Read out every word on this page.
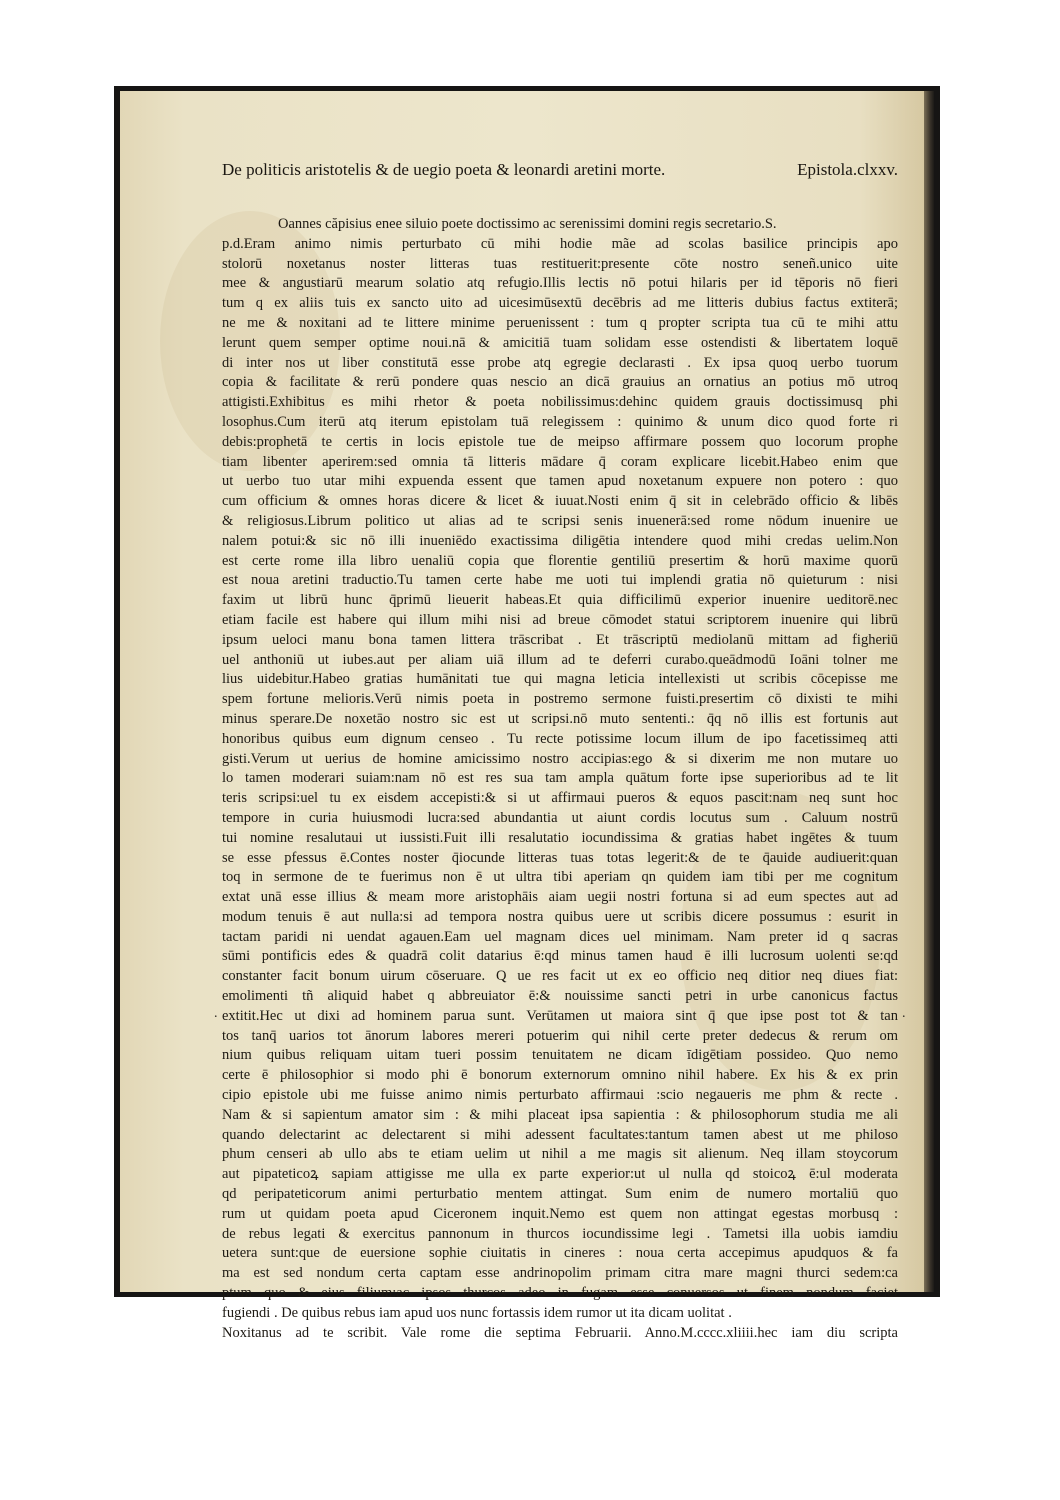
De politicis aristotelis & de uegio poeta & leonardi aretini morte.	Epistola.clxxv.
Oannes căpisius enee siluio poete doctissimo ac serenissimi domini regis secretario.S.
p.d.Eram animo nimis perturbato cū mihi hodie mãe ad scolas basilice principis apo
stolorū noxetanus noster litteras tuas restituerit:presente cōte nostro seneñ.unico uite
mee & angustiarū mearum solatio atq refugio.Illis lectis nō potui hilaris per id tēporis nō fieri
tum q ex aliis tuis ex sancto uito ad uicesimūsextū decēbris ad me litteris dubius factus extiterā;
ne me & noxitani ad te littere minime peruenissent : tum q propter scripta tua cū te mihi attu
lerunt quem semper optime noui.nā & amicitiā tuam solidam esse ostendisti & libertatem loquē
di inter nos ut liber constitutā esse probe atq egregie declarasti . Ex ipsa quoq uerbo tuorum
copia & facilitate & rerū pondere quas nescio an dicā grauius an ornatius an potius mō utroq
attigisti.Exhibitus es mihi rhetor & poeta nobilissimus:dehinc quidem grauis doctissimusq phi
losophus.Cum iterū atq iterum epistolam tuā relegissem : quinimo & unum dico quod forte ri
debis:prophetā te certis in locis epistole tue de meipso affirmare possem quo locorum prophe
tiam libenter aperirem:sed omnia tā litteris mādare q̄ coram explicare licebit.Habeo enim que
ut uerbo tuo utar mihi expuenda essent que tamen apud noxetanum expuere non potero : quo
cum officium & omnes horas dicere & licet & iuuat.Nosti enim q̄ sit in celebrādo officio & libēs
& religiosus.Librum politico ut alias ad te scripsi senis inuenerā:sed rome nōdum inuenire ue
nalem potui:& sic nō illi inueniēdo exactissima diligētia intendere quod mihi credas uelim.Non
est certe rome illa libro uenaliū copia que florentie gentiliū presertim & horū maxime quorū
est noua aretini traductio.Tu tamen certe habe me uoti tui implendi gratia nō quieturum : nisi
faxim ut librū hunc q̄primū lieuerit habeas.Et quia difficilimū experior inuenire ueditorē.nec
etiam facile est habere qui illum mihi nisi ad breue cōmodet statui scriptorem inuenire qui librū
ipsum ueloci manu bona tamen littera trāscribat . Et trāscriptū mediolanū mittam ad figheriū
uel anthoniū ut iubes.aut per aliam uiā illum ad te deferri curabo.queādmodū Ioāni tolner me
lius uidebitur.Habeo gratias humānitati tue qui magna leticia intellexisti ut scribis cōcepisse me
spem fortune melioris.Verū nimis poeta in postremo sermone fuisti.presertim cō dixisti te mihi
minus sperare.De noxetāo nostro sic est ut scripsi.nō muto sententi.: q̄q nō illis est fortunis aut
honoribus quibus eum dignum censeo . Tu recte potissime locum illum de ipo facetissimeq atti
gisti.Verum ut uerius de homine amicissimo nostro accipias:ego & si dixerim me non mutare uo
lo tamen moderari suiam:nam nō est res sua tam ampla quātum forte ipse superioribus ad te lit
teris scripsi:uel tu ex eisdem accepisti:& si ut affirmaui pueros & equos pascit:nam neq sunt hoc
tempore in curia huiusmodi lucra:sed abundantia ut aiunt cordis locutus sum . Caluum nostrū
tui nomine resalutaui ut iussisti.Fuit illi resalutatio iocundissima & gratias habet ingētes & tuum
se esse pfessus ē.Contes noster q̄iocunde litteras tuas totas legerit:& de te q̄auide audiuerit:quan
toq in sermone de te fuerimus non ē ut ultra tibi aperiam qn quidem iam tibi per me cognitum
extat unā esse illius & meam more aristophāis aiam uegii nostri fortuna si ad eum spectes aut ad
modum tenuis ē aut nulla:si ad tempora nostra quibus uere ut scribis dicere possumus : esurit in
tactam paridi ni uendat agauen.Eam uel magnam dices uel minimam. Nam preter id q sacras
sūmi pontificis edes & quadrā colit datarius ē:qd minus tamen haud ē illi lucrosum uolenti se:qd
constanter facit bonum uirum cōseruare. Q ue res facit ut ex eo officio neq ditior neq diues fiat:
emolimenti tñ aliquid habet q abbreuiator ē:& nouissime sancti petri in urbe canonicus factus
extitit.Hec ut dixi ad hominem parua sunt. Verūtamen ut maiora sint q̄ que ipse post tot & tan
tos tanq̄ uarios tot ānorum labores mereri potuerim qui nihil certe preter dedecus & rerum om
nium quibus reliquam uitam tueri possim tenuitatem ne dicam īdigētiam possideo. Quo nemo
certe ē philosophior si modo phi ē bonorum externorum omnino nihil habere. Ex his & ex prin
cipio epistole ubi me fuisse animo nimis perturbato affirmaui :scio negaueris me phm & recte .
Nam & si sapientum amator sim : & mihi placeat ipsa sapientia : & philosophorum studia me ali
quando delectarint ac delectarent si mihi adessent facultates:tantum tamen abest ut me philoso
phum censeri ab ullo abs te etiam uelim ut nihil a me magis sit alienum. Neq illam stoycorum
aut pipateticoꝝ sapiam attigisse me ulla ex parte experior:ut ul nulla qd stoicoꝝ ē:ul moderata
qd peripateticorum animi perturbatio mentem attingat. Sum enim de numero mortaliū quo
rum ut quidam poeta apud Ciceronem inquit.Nemo est quem non attingat egestas morbusq :
de rebus legati & exercitus pannonum in thurcos iocundissime legi . Tametsi illa uobis iamdiu
uetera sunt:que de euersione sophie ciuitatis in cineres : noua certa accepimus apudquos & fa
ma est sed nondum certa captam esse andrinopolim primam citra mare magni thurci sedem:ca
ptum quo & eius filium:ac ipsos thurcos adeo in fugam esse conuersos ut finem nondum faciet
fugiendi . De quibus rebus iam apud uos nunc fortassis idem rumor ut ita dicam uolitat .
Noxitanus ad te scribit. Vale rome die septima Februarii. Anno.M.cccc.xliiii.hec iam diu scripta
.	.
